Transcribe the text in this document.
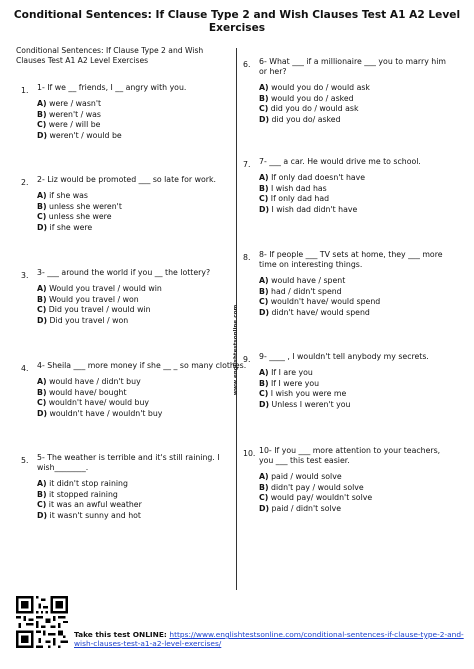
Conditional Sentences: If Clause Type 2 and Wish Clauses Test A1 A2 Level Exercises
Conditional Sentences: If Clause Type 2 and Wish Clauses Test A1 A2 Level Exercises
www.englishtestsonline.com
1. 1- If we __ friends, I __ angry with you.
A) were / wasn't
B) weren't / was
C) were / will be
D) weren't / would be
2. 2- Liz would be promoted ___ so late for work.
A) if she was
B) unless she weren't
C) unless she were
D) if she were
3. 3- ___ around the world if you __ the lottery?
A) Would you travel / would win
B) Would you travel / won
C) Did you travel / would win
D) Did you travel / won
4. 4- Sheila ___ more money if she __ _ so many clothes.
A) would have / didn't buy
B) would have/ bought
C) wouldn't have/ would buy
D) wouldn't have / wouldn't buy
5. 5- The weather is terrible and it's still raining. I wish________.
A) it didn't stop raining
B) it stopped raining
C) it was an awful weather
D) it wasn't sunny and hot
6. 6- What ___ if a millionaire ___ you to marry him or her?
A) would you do / would ask
B) would you do / asked
C) did you do / would ask
D) did you do/ asked
7. 7- ___ a car. He would drive me to school.
A) If only dad doesn't have
B) I wish dad has
C) If only dad had
D) I wish dad didn't have
8. 8- If people ___ TV sets at home, they ___ more time on interesting things.
A) would have / spent
B) had / didn't spend
C) wouldn't have/ would spend
D) didn't have/ would spend
9. 9- ____ , I wouldn't tell anybody my secrets.
A) If I are you
B) If I were you
C) I wish you were me
D) Unless I weren't you
10. 10- If you ___ more attention to your teachers, you ___ this test easier.
A) paid / would solve
B) didn't pay / would solve
C) would pay/ wouldn't solve
D) paid / didn't solve
Take this test ONLINE: https://www.englishtestsonline.com/conditional-sentences-if-clause-type-2-and-wish-clauses-test-a1-a2-level-exercises/
